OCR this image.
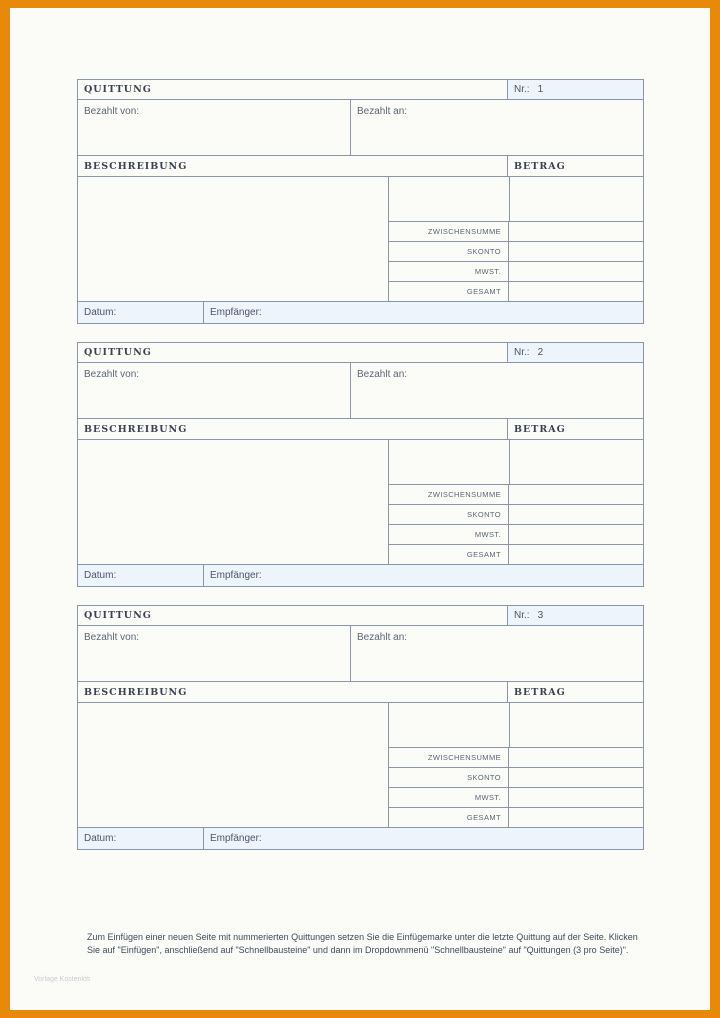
QUITTUNG	Nr.: 1
Bezahlt von:	Bezahlt an:
BESCHREIBUNG	BETRAG
ZWISCHENSUMME
SKONTO
MWST.
GESAMT
Datum:	Empfänger:
QUITTUNG	Nr.: 2
Bezahlt von:	Bezahlt an:
BESCHREIBUNG	BETRAG
ZWISCHENSUMME
SKONTO
MWST.
GESAMT
Datum:	Empfänger:
QUITTUNG	Nr.: 3
Bezahlt von:	Bezahlt an:
BESCHREIBUNG	BETRAG
ZWISCHENSUMME
SKONTO
MWST.
GESAMT
Datum:	Empfänger:
Zum Einfügen einer neuen Seite mit nummerierten Quittungen setzen Sie die Einfügemarke unter die letzte Quittung auf der Seite. Klicken Sie auf "Einfügen", anschließend auf "Schnellbausteine" und dann im Dropdownmenü "Schnellbausteine" auf "Quittungen (3 pro Seite)".
Vorlage Kostenlos
